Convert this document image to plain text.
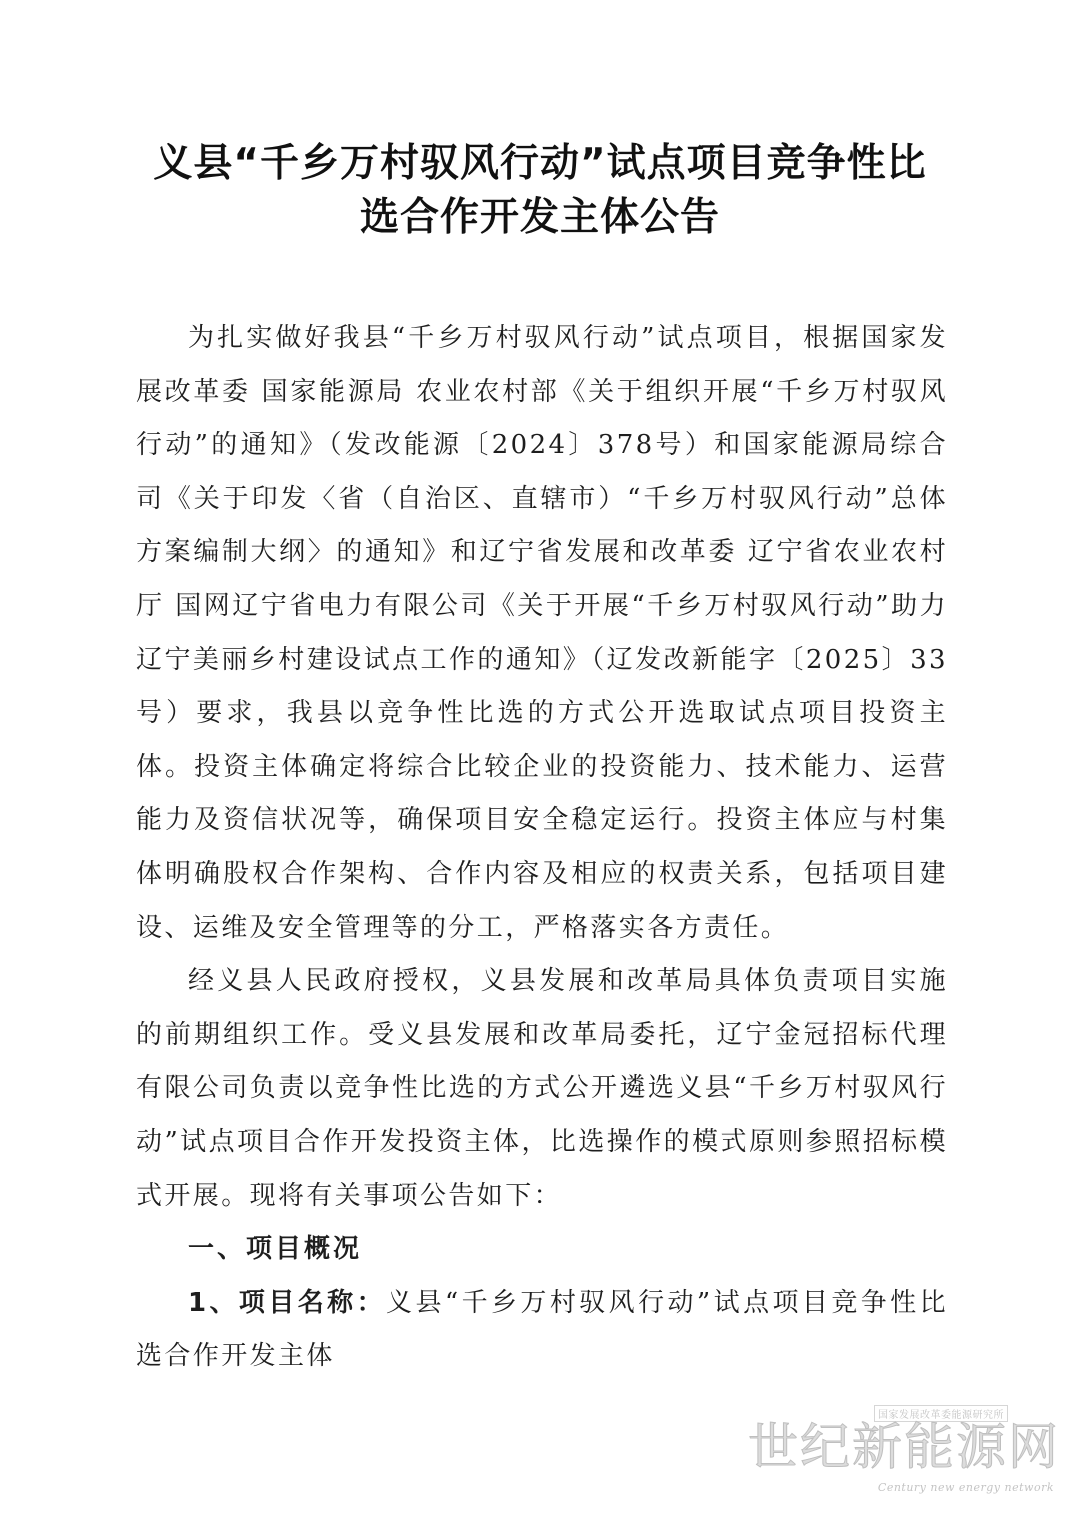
义县“千乡万村驭风行动”试点项目竞争性比
选合作开发主体公告

为扎实做好我县“千乡万村驭风行动”试点项目，根据国家发展改革委 国家能源局 农业农村部《关于组织开展“千乡万村驭风行动”的通知》（发改能源〔2024〕378号）和国家能源局综合司《关于印发〈省（自治区、直辖市）“千乡万村驭风行动”总体方案编制大纲〉的通知》和辽宁省发展和改革委 辽宁省农业农村厅 国网辽宁省电力有限公司《关于开展“千乡万村驭风行动”助力辽宁美丽乡村建设试点工作的通知》（辽发改新能字〔2025〕33号）要求，我县以竞争性比选的方式公开选取试点项目投资主体。投资主体确定将综合比较企业的投资能力、技术能力、运营能力及资信状况等，确保项目安全稳定运行。投资主体应与村集体明确股权合作架构、合作内容及相应的权责关系，包括项目建设、运维及安全管理等的分工，严格落实各方责任。

经义县人民政府授权，义县发展和改革局具体负责项目实施的前期组织工作。受义县发展和改革局委托，辽宁金冠招标代理有限公司负责以竞争性比选的方式公开遴选义县“千乡万村驭风行动”试点项目合作开发投资主体，比选操作的模式原则参照招标模式开展。现将有关事项公告如下：

一、项目概况

1、项目名称：义县“千乡万村驭风行动”试点项目竞争性比选合作开发主体

国家发展改革委能源研究所
世纪新能源网
Century new energy network
